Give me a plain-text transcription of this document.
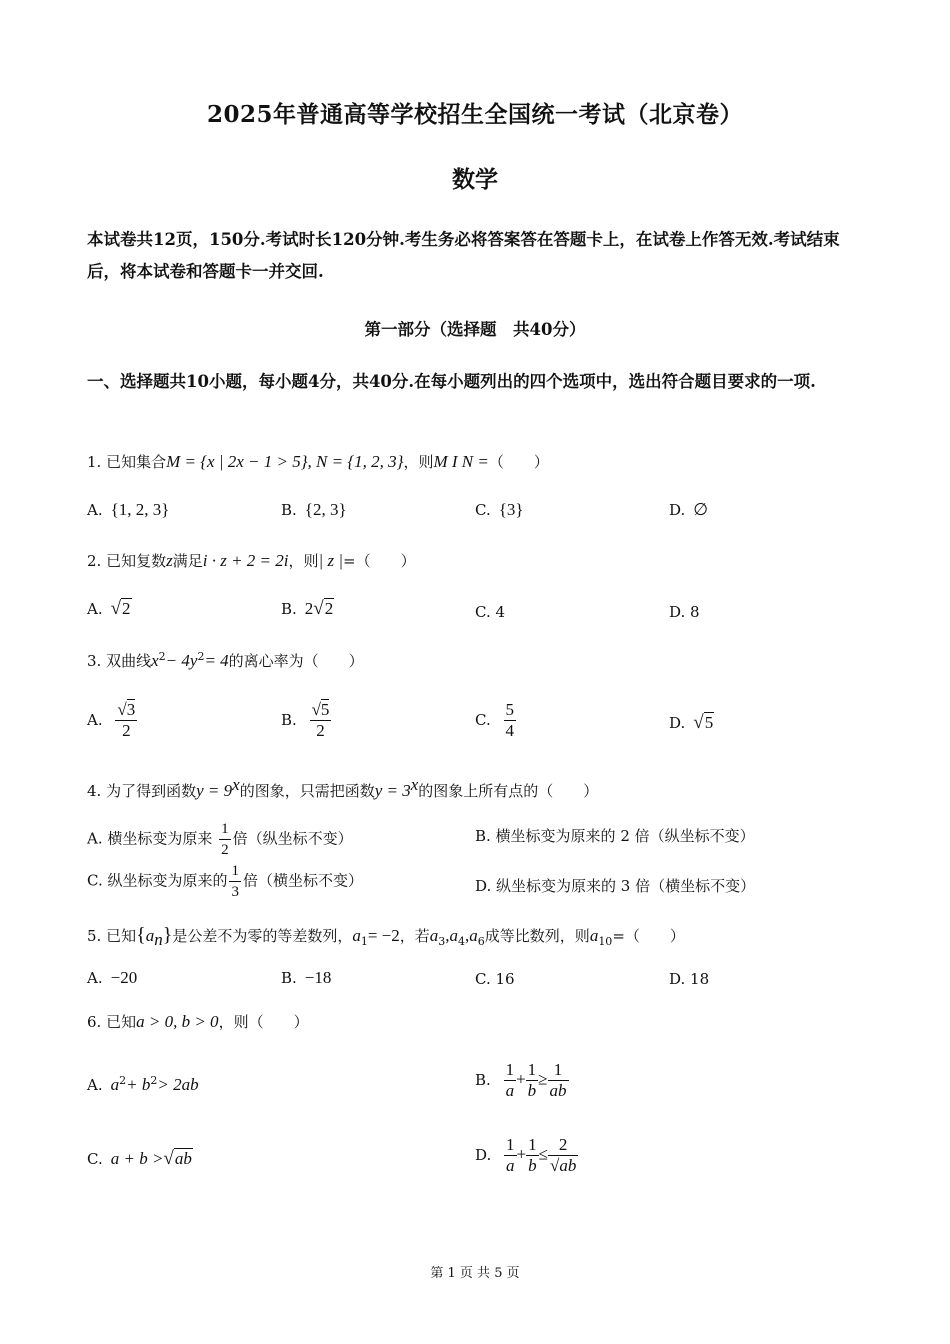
2025年普通高等学校招生全国统一考试（北京卷）
数学
本试卷共12页，150分.考试时长120分钟.考生务必将答案答在答题卡上，在试卷上作答无效.考试结束后，将本试卷和答题卡一并交回.
第一部分（选择题　共40分）
一、选择题共10小题，每小题4分，共40分.在每小题列出的四个选项中，选出符合题目要求的一项.
1. 已知集合M = {x | 2x − 1 > 5}, N = {1, 2, 3}，则M I N =（　　）
A. {1, 2, 3}	B. {2, 3}	C. {3}	D. ∅
2. 已知复数z满足i · z + 2 = 2i，则| z |=（　　）
A. √2	B. 2√2	C. 4	D. 8
3. 双曲线$x^2- 4y^2= 4$的离心率为（　　）
A. $\frac{√3}{2}$	B. $\frac{√5}{2}$	C. $\frac{5}{4}$	D. √5
4. 为了得到函数$y = 9^x$的图象，只需把函数$y = 3^x$的图象上所有点的（　　）
A. 横坐标变为原来 $\frac{1}{2}$ 倍（纵坐标不变）	B. 横坐标变为原来的 2 倍（纵坐标不变）
C. 纵坐标变为原来的 $\frac{1}{3}$ 倍（横坐标不变）	D. 纵坐标变为原来的 3 倍（横坐标不变）
5. 已知$\{a_n\}$是公差不为零的等差数列，$a_1= -2$，若$a_3,a_4,a_6$成等比数列，则$a_{10}=$（　　）
A. −20	B. −18	C. 16	D. 18
6. 已知a > 0, b > 0，则（　　）
A. $a^2+ b^2> 2ab$	B. $\frac{1}{a} + \frac{1}{b} \ge \frac{1}{ab}$
C. a + b >√ab	D. $\frac{1}{a} + \frac{1}{b} \le \frac{2}{√ab}$
第 1 页 共 5 页
